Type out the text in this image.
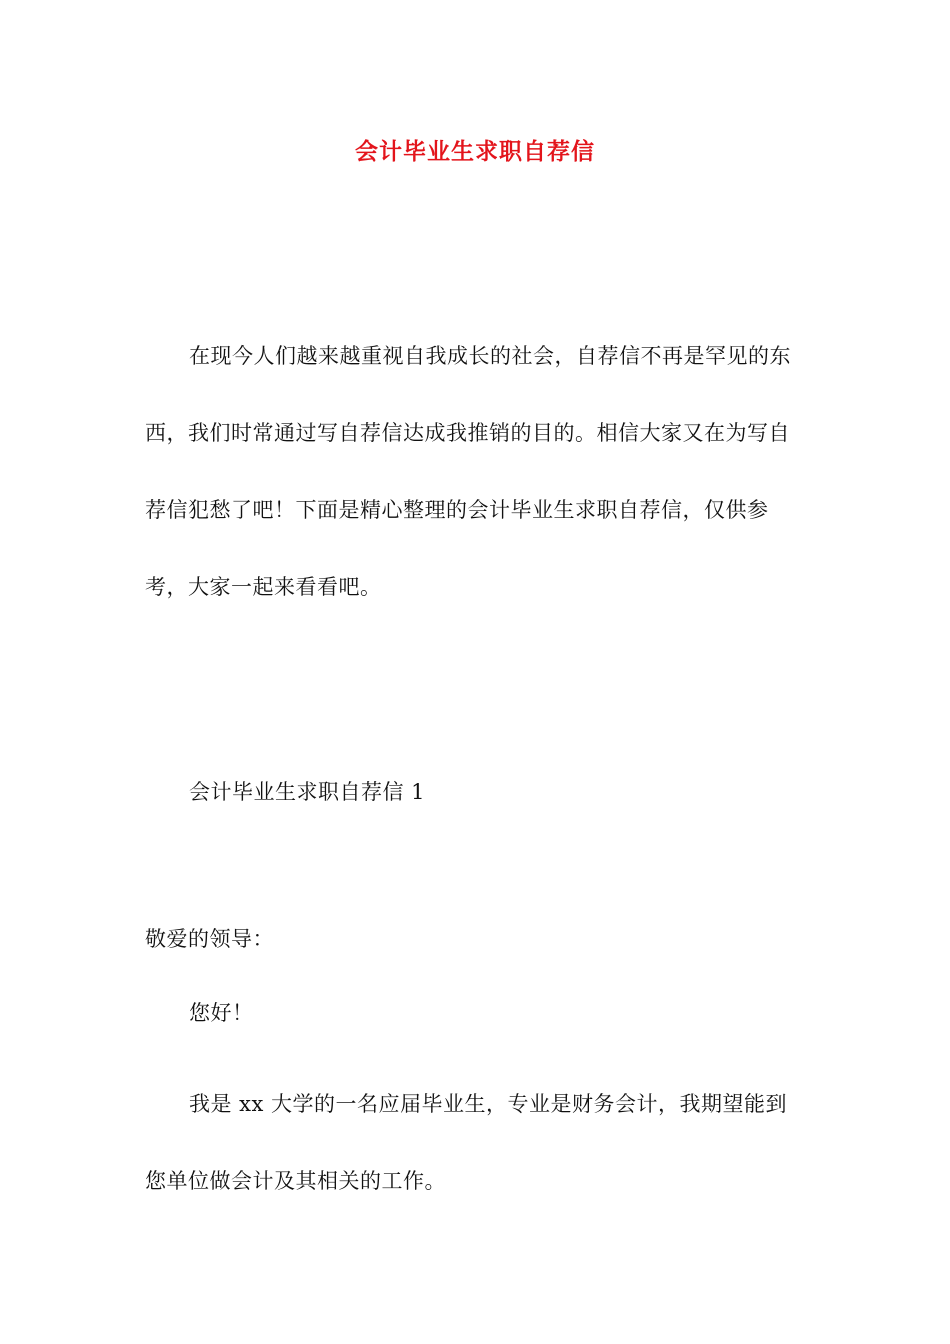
会计毕业生求职自荐信

在现今人们越来越重视自我成长的社会，自荐信不再是罕见的东西，我们时常通过写自荐信达成我推销的目的。相信大家又在为写自荐信犯愁了吧！下面是精心整理的会计毕业生求职自荐信，仅供参考，大家一起来看看吧。

会计毕业生求职自荐信 1

敬爱的领导：

您好！

我是 xx 大学的一名应届毕业生，专业是财务会计，我期望能到您单位做会计及其相关的工作。
